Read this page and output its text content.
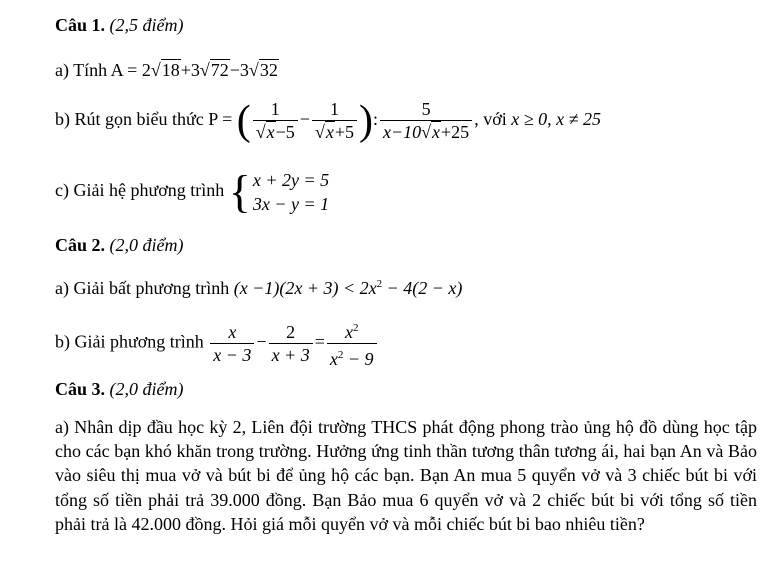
Câu 1. (2,5 điểm)
a) Tính A = 2√18+3√72−3√32
b) Rút gọn biểu thức P = ( $\frac{1}{√x-5} - \frac{1}{√x+5}$ ): $\frac{5}{x-10√x+25}$ , với x ≥ 0, x ≠ 25
c) Giải hệ phương trình { x + 2y = 5
3x − y = 1
Câu 2. (2,0 điểm)
a) Giải bất phương trình $(x -1)(2x + 3) < 2x^2 - 4(2 - x)$
b) Giải phương trình $\frac{x}{x - 3} - \frac{2}{x + 3} = \frac{x^2}{x^2 - 9}$
Câu 3. (2,0 điểm)
a) Nhân dịp đầu học kỳ 2, Liên đội trường THCS phát động phong trào ủng hộ đồ dùng học tập cho các bạn khó khăn trong trường. Hưởng ứng tinh thần tương thân tương ái, hai bạn An và Bảo vào siêu thị mua vở và bút bi để ủng hộ các bạn. Bạn An mua 5 quyển vở và 3 chiếc bút bi với tổng số tiền phải trả 39.000 đồng. Bạn Bảo mua 6 quyển vở và 2 chiếc bút bi với tổng số tiền phải trả là 42.000 đồng. Hỏi giá mỗi quyển vở và mỗi chiếc bút bi bao nhiêu tiền?
